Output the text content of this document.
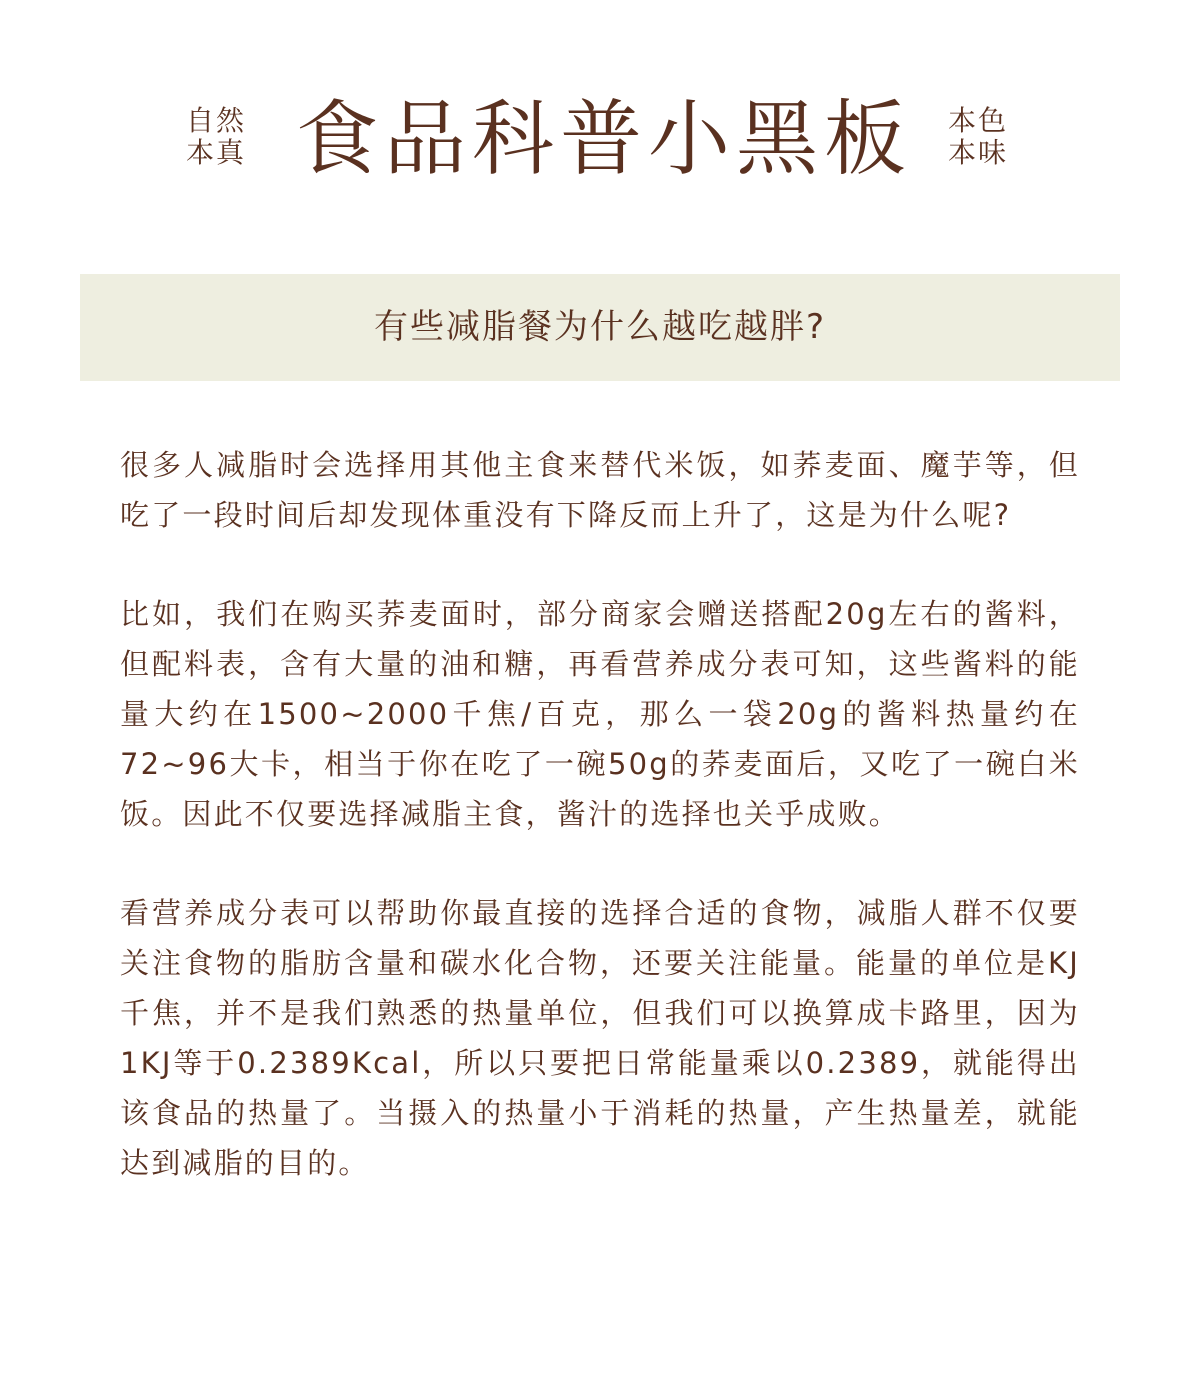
自然
本真 食品科普小黑板 本色
本味
有些减脂餐为什么越吃越胖?

很多人减脂时会选择用其他主食来替代米饭，如荞麦面、魔芋等，但吃了一段时间后却发现体重没有下降反而上升了，这是为什么呢?

比如，我们在购买荞麦面时，部分商家会赠送搭配20g左右的酱料，但配料表，含有大量的油和糖，再看营养成分表可知，这些酱料的能量大约在1500~2000千焦/百克，那么一袋20g的酱料热量约在72~96大卡，相当于你在吃了一碗50g的荞麦面后，又吃了一碗白米饭。因此不仅要选择减脂主食，酱汁的选择也关乎成败。

看营养成分表可以帮助你最直接的选择合适的食物，减脂人群不仅要关注食物的脂肪含量和碳水化合物，还要关注能量。能量的单位是KJ千焦，并不是我们熟悉的热量单位，但我们可以换算成卡路里，因为1KJ等于0.2389Kcal，所以只要把日常能量乘以0.2389，就能得出该食品的热量了。当摄入的热量小于消耗的热量，产生热量差，就能达到减脂的目的。
